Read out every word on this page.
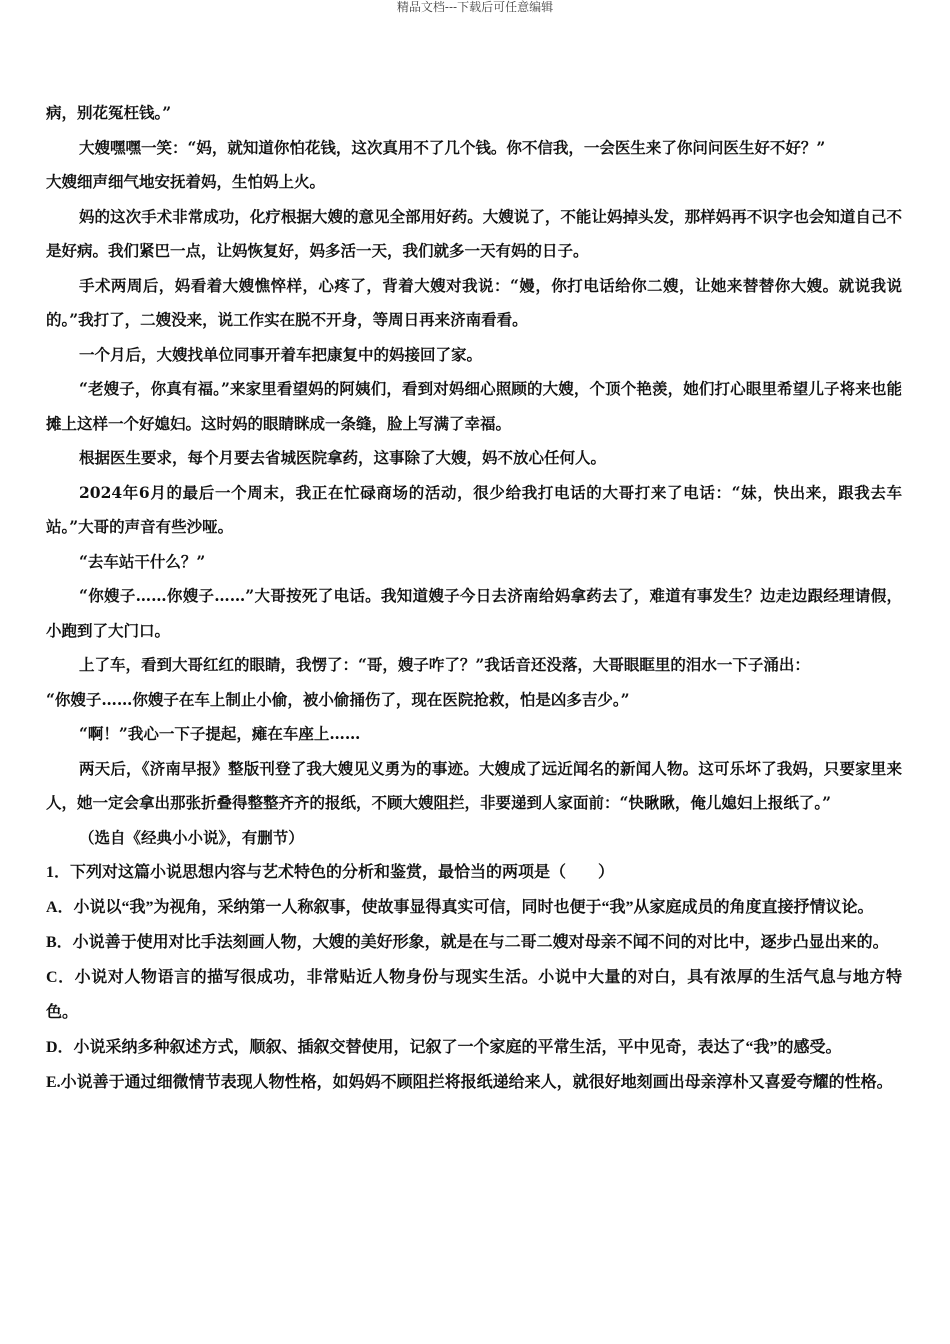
精品文档---下载后可任意编辑

病，别花冤枉钱。”

大嫂嘿嘿一笑：“妈，就知道你怕花钱，这次真用不了几个钱。你不信我，一会医生来了你问问医生好不好？”

大嫂细声细气地安抚着妈，生怕妈上火。

妈的这次手术非常成功，化疗根据大嫂的意见全部用好药。大嫂说了，不能让妈掉头发，那样妈再不识字也会知道自己不是好病。我们紧巴一点，让妈恢复好，妈多活一天，我们就多一天有妈的日子。

手术两周后，妈看着大嫂憔悴样，心疼了，背着大嫂对我说：“嫚，你打电话给你二嫂，让她来替替你大嫂。就说我说的。”我打了，二嫂没来，说工作实在脱不开身，等周日再来济南看看。

一个月后，大嫂找单位同事开着车把康复中的妈接回了家。

“老嫂子，你真有福。”来家里看望妈的阿姨们，看到对妈细心照顾的大嫂，个顶个艳羡，她们打心眼里希望儿子将来也能摊上这样一个好媳妇。这时妈的眼睛眯成一条缝，脸上写满了幸福。

根据医生要求，每个月要去省城医院拿药，这事除了大嫂，妈不放心任何人。

2024年6月的最后一个周末，我正在忙碌商场的活动，很少给我打电话的大哥打来了电话：“妹，快出来，跟我去车站。”大哥的声音有些沙哑。

“去车站干什么？”

“你嫂子……你嫂子……”大哥按死了电话。我知道嫂子今日去济南给妈拿药去了，难道有事发生？边走边跟经理请假，小跑到了大门口。

上了车，看到大哥红红的眼睛，我愣了：“哥，嫂子咋了？”我话音还没落，大哥眼眶里的泪水一下子涌出：

“你嫂子……你嫂子在车上制止小偷，被小偷捅伤了，现在医院抢救，怕是凶多吉少。”

“啊！”我心一下子提起，瘫在车座上……

两天后，《济南早报》整版刊登了我大嫂见义勇为的事迹。大嫂成了远近闻名的新闻人物。这可乐坏了我妈，只要家里来人，她一定会拿出那张折叠得整整齐齐的报纸，不顾大嫂阻拦，非要递到人家面前：“快瞅瞅，俺儿媳妇上报纸了。”

（选自《经典小小说》，有删节）

1．下列对这篇小说思想内容与艺术特色的分析和鉴赏，最恰当的两项是（　　）

A．小说以“我”为视角，采纳第一人称叙事，使故事显得真实可信，同时也便于“我”从家庭成员的角度直接抒情议论。

B．小说善于使用对比手法刻画人物，大嫂的美好形象，就是在与二哥二嫂对母亲不闻不问的对比中，逐步凸显出来的。

C．小说对人物语言的描写很成功，非常贴近人物身份与现实生活。小说中大量的对白，具有浓厚的生活气息与地方特色。

D．小说采纳多种叙述方式，顺叙、插叙交替使用，记叙了一个家庭的平常生活，平中见奇，表达了“我”的感受。

E.小说善于通过细微情节表现人物性格，如妈妈不顾阻拦将报纸递给来人，就很好地刻画出母亲淳朴又喜爱夸耀的性格。
